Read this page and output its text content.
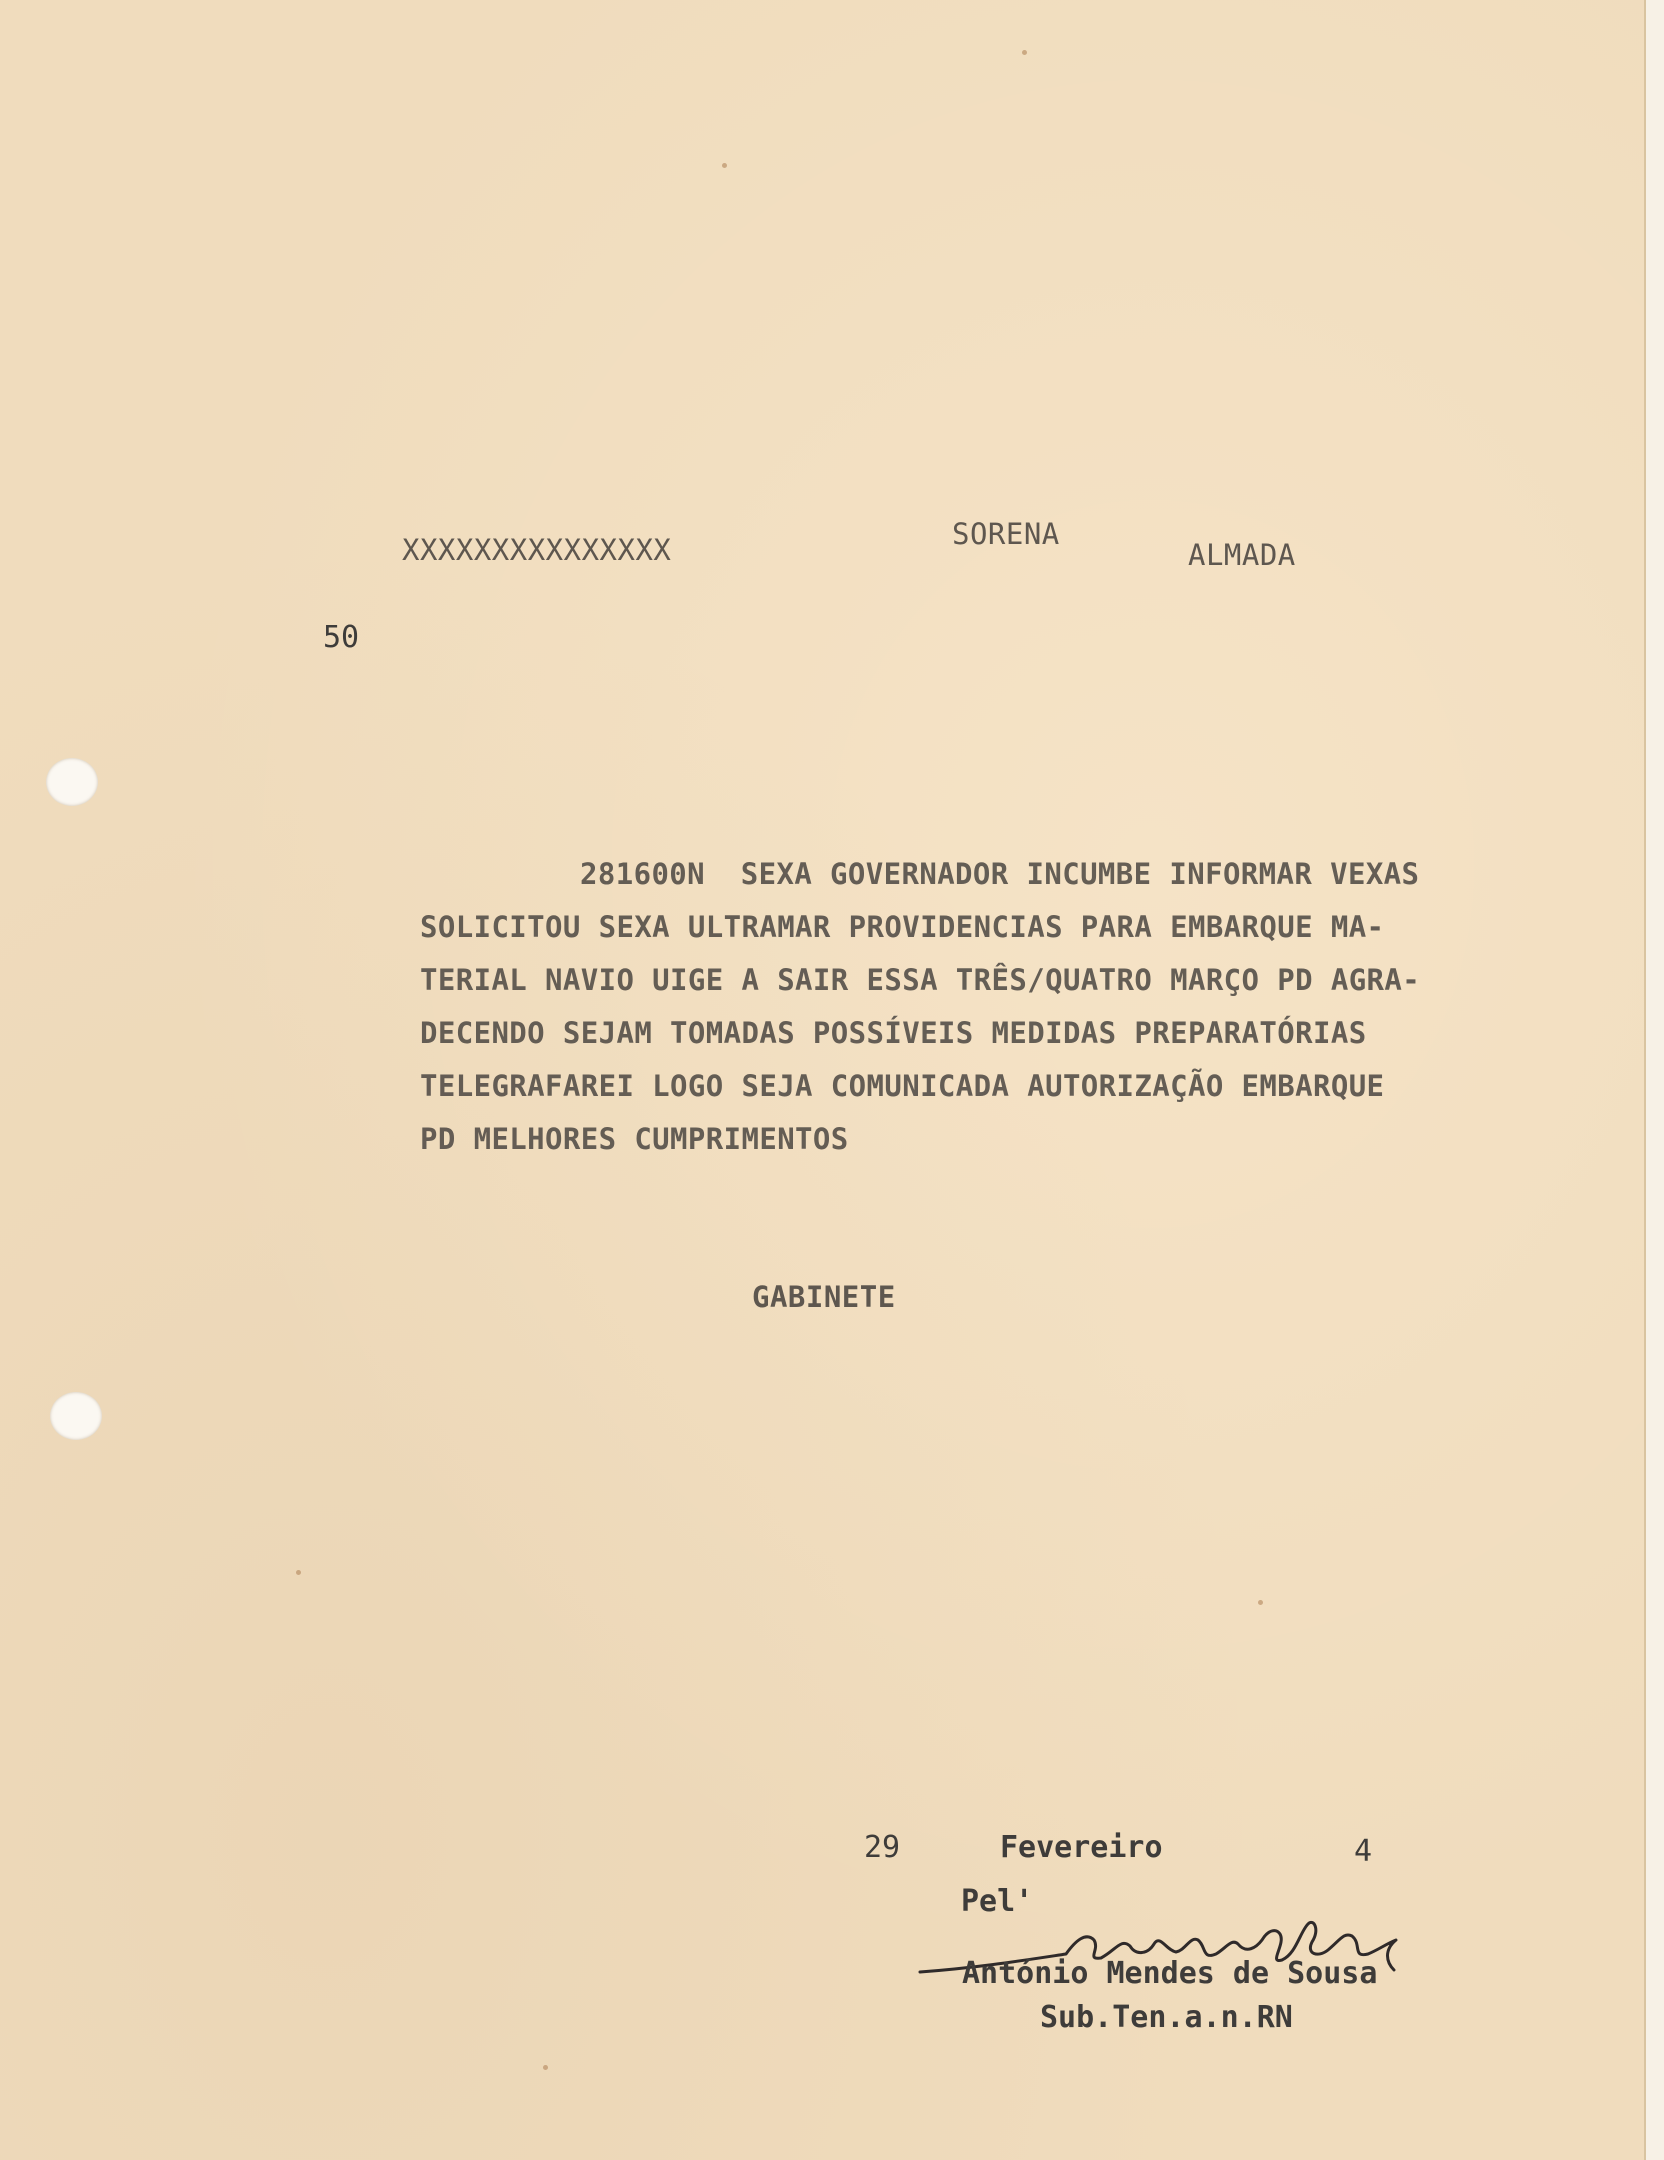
XXXXXXXXXXXXXXX	SORENA
ALMADA
50
281600N  SEXA GOVERNADOR INCUMBE INFORMAR VEXAS
SOLICITOU SEXA ULTRAMAR PROVIDENCIAS PARA EMBARQUE MA-
TERIAL NAVIO UIGE A SAIR ESSA TRÊS/QUATRO MARÇO PD AGRA-
DECENDO SEJAM TOMADAS POSSÍVEIS MEDIDAS PREPARATÓRIAS
TELEGRAFAREI LOGO SEJA COMUNICADA AUTORIZAÇÃO EMBARQUE
PD MELHORES CUMPRIMENTOS
GABINETE
29	Fevereiro	4
Pel'
António Mendes de Sousa
Sub.Ten.a.n.RN
